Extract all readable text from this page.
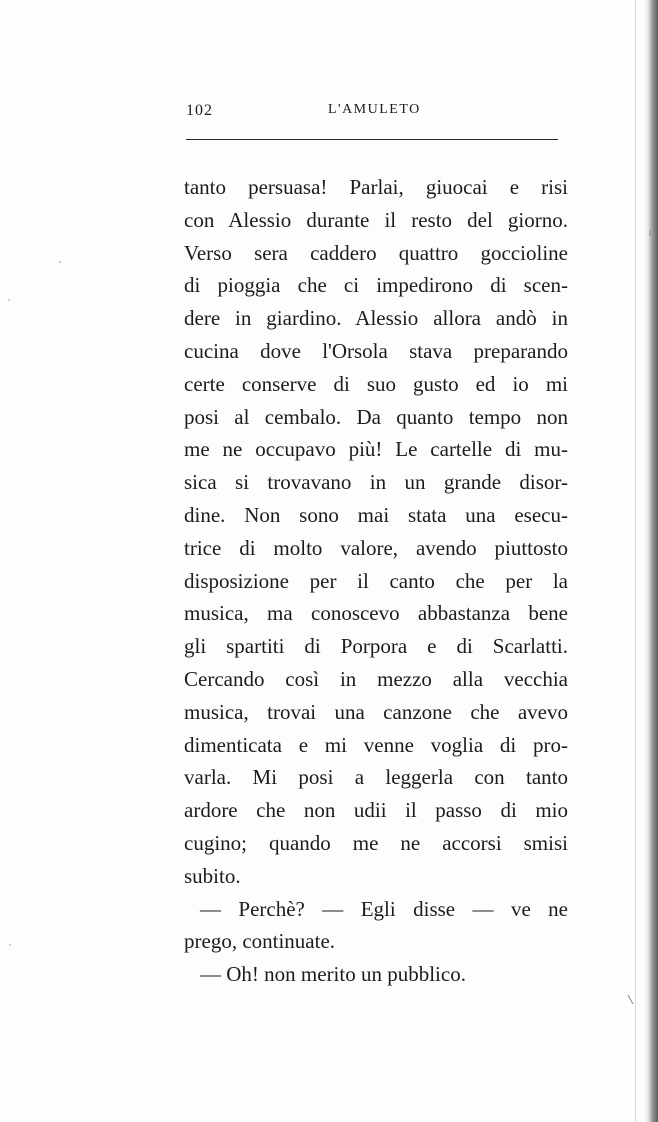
102	L'AMULETO
tanto persuasa! Parlai, giuocai e risi
con Alessio durante il resto del giorno.
Verso sera caddero quattro goccioline
di pioggia che ci impedirono di scen-
dere in giardino. Alessio allora andò in
cucina dove l'Orsola stava preparando
certe conserve di suo gusto ed io mi
posi al cembalo. Da quanto tempo non
me ne occupavo più! Le cartelle di mu-
sica si trovavano in un grande disor-
dine. Non sono mai stata una esecu-
trice di molto valore, avendo piuttosto
disposizione per il canto che per la
musica, ma conoscevo abbastanza bene
gli spartiti di Porpora e di Scarlatti.
Cercando così in mezzo alla vecchia
musica, trovai una canzone che avevo
dimenticata e mi venne voglia di pro-
varla. Mi posi a leggerla con tanto
ardore che non udii il passo di mio
cugino; quando me ne accorsi smisi
subito.
— Perchè? — Egli disse — ve ne
prego, continuate.
— Oh! non merito un pubblico.
